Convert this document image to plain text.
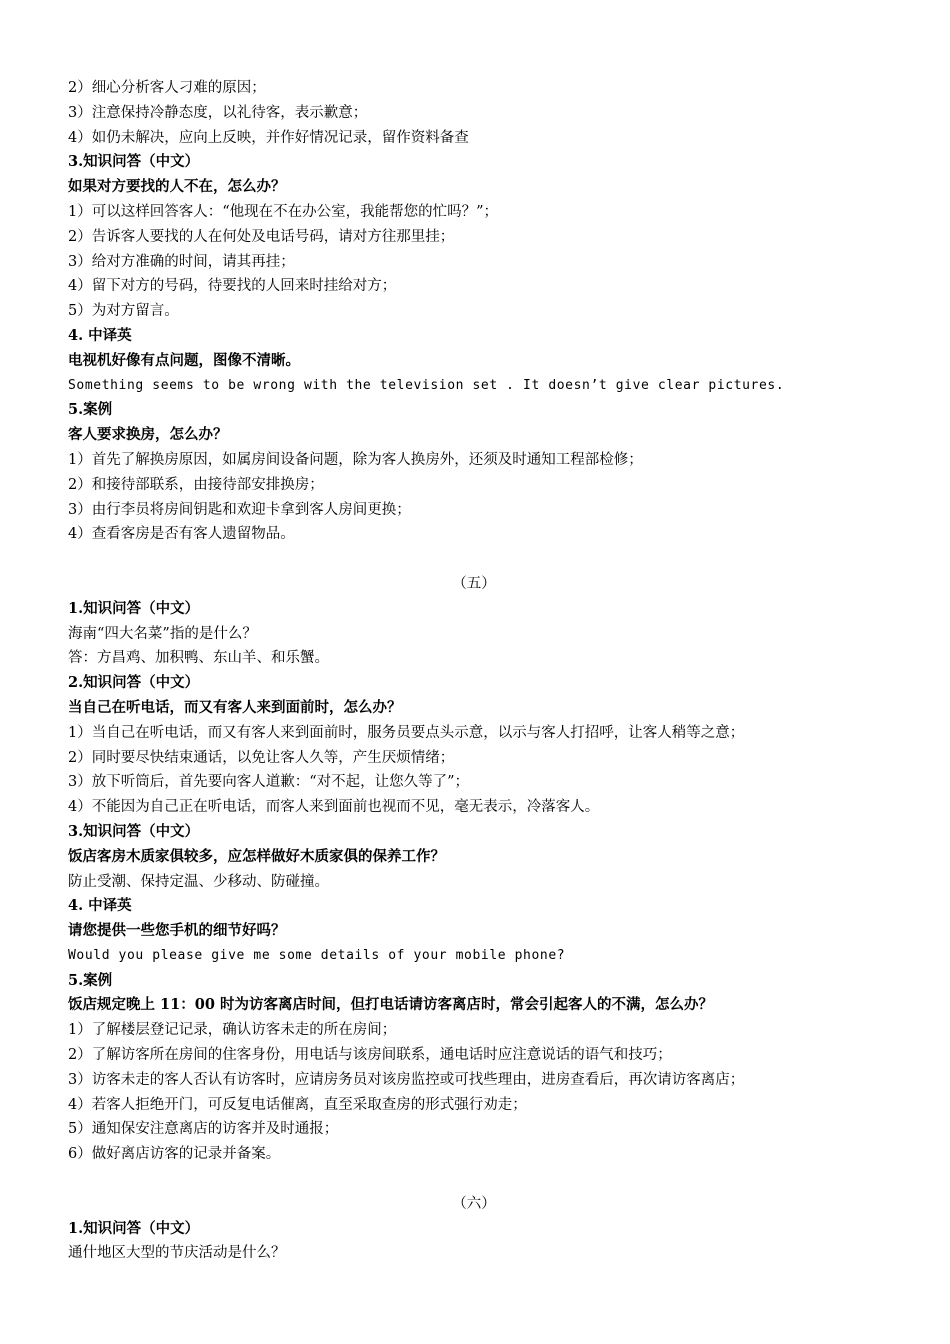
2）细心分析客人刁难的原因；
3）注意保持冷静态度，以礼待客，表示歉意；
4）如仍未解决，应向上反映，并作好情况记录，留作资料备查
3.知识问答（中文）
如果对方要找的人不在，怎么办？
1）可以这样回答客人：“他现在不在办公室，我能帮您的忙吗？”；
2）告诉客人要找的人在何处及电话号码，请对方往那里挂；
3）给对方准确的时间，请其再挂；
4）留下对方的号码，待要找的人回来时挂给对方；
5）为对方留言。
4. 中译英
电视机好像有点问题，图像不清晰。
Something seems to be wrong with the television set . It doesn’t give clear pictures.
5.案例
客人要求换房，怎么办？
1）首先了解换房原因，如属房间设备问题，除为客人换房外，还须及时通知工程部检修；
2）和接待部联系，由接待部安排换房；
3）由行李员将房间钥匙和欢迎卡拿到客人房间更换；
4）查看客房是否有客人遗留物品。
（五）
1.知识问答（中文）
海南“四大名菜”指的是什么？
答：方昌鸡、加积鸭、东山羊、和乐蟹。
2.知识问答（中文）
当自己在听电话，而又有客人来到面前时，怎么办？
1）当自己在听电话，而又有客人来到面前时，服务员要点头示意，以示与客人打招呼，让客人稍等之意；
2）同时要尽快结束通话，以免让客人久等，产生厌烦情绪；
3）放下听筒后，首先要向客人道歉：“对不起，让您久等了”；
4）不能因为自己正在听电话，而客人来到面前也视而不见，毫无表示，冷落客人。
3.知识问答（中文）
饭店客房木质家俱较多，应怎样做好木质家俱的保养工作？
防止受潮、保持定温、少移动、防碰撞。
4. 中译英
请您提供一些您手机的细节好吗？
Would you please give me some details of your mobile phone?
5.案例
饭店规定晚上 11：00 时为访客离店时间，但打电话请访客离店时，常会引起客人的不满，怎么办？
1）了解楼层登记记录，确认访客未走的所在房间；
2）了解访客所在房间的住客身份，用电话与该房间联系，通电话时应注意说话的语气和技巧；
3）访客未走的客人否认有访客时，应请房务员对该房监控或可找些理由，进房查看后，再次请访客离店；
4）若客人拒绝开门，可反复电话催离，直至采取查房的形式强行劝走；
5）通知保安注意离店的访客并及时通报；
6）做好离店访客的记录并备案。
（六）
1.知识问答（中文）
通什地区大型的节庆活动是什么？
